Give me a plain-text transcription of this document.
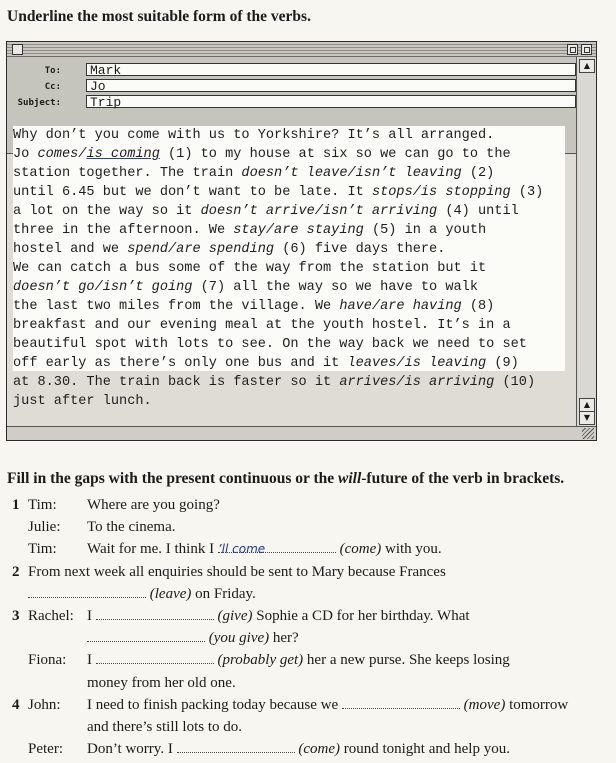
Underline the most suitable form of the verbs.
To:	Mark
Cc:	Jo
Subject:	Trip
▲
▲
▼
Why don’t you come with us to Yorkshire? It’s all arranged.
Jo comes/is coming (1) to my house at six so we can go to the
station together. The train doesn’t leave/isn’t leaving (2)
until 6.45 but we don’t want to be late. It stops/is stopping (3)
a lot on the way so it doesn’t arrive/isn’t arriving (4) until
three in the afternoon. We stay/are staying (5) in a youth
hostel and we spend/are spending (6) five days there.
We can catch a bus some of the way from the station but it
doesn’t go/isn’t going (7) all the way so we have to walk
the last two miles from the village. We have/are having (8)
breakfast and our evening meal at the youth hostel. It’s in a
beautiful spot with lots to see. On the way back we need to set
off early as there’s only one bus and it leaves/is leaving (9)
at 8.30. The train back is faster so it arrives/is arriving (10)
just after lunch.
Fill in the gaps with the present continuous or the will-future of the verb in brackets.
1 Tim: Where are you going?
Julie: To the cinema.
Tim: Wait for me. I think I ’ll come	(come) with you.
2 From next week all enquiries should be sent to Mary because Frances
(leave) on Friday.
3 Rachel: I	(give) Sophie a CD for her birthday. What
(you give) her?
Fiona: I	(probably get) her a new purse. She keeps losing
money from her old one.
4 John: I need to finish packing today because we	(move) tomorrow
and there’s still lots to do.
Peter: Don’t worry. I	(come) round tonight and help you.
